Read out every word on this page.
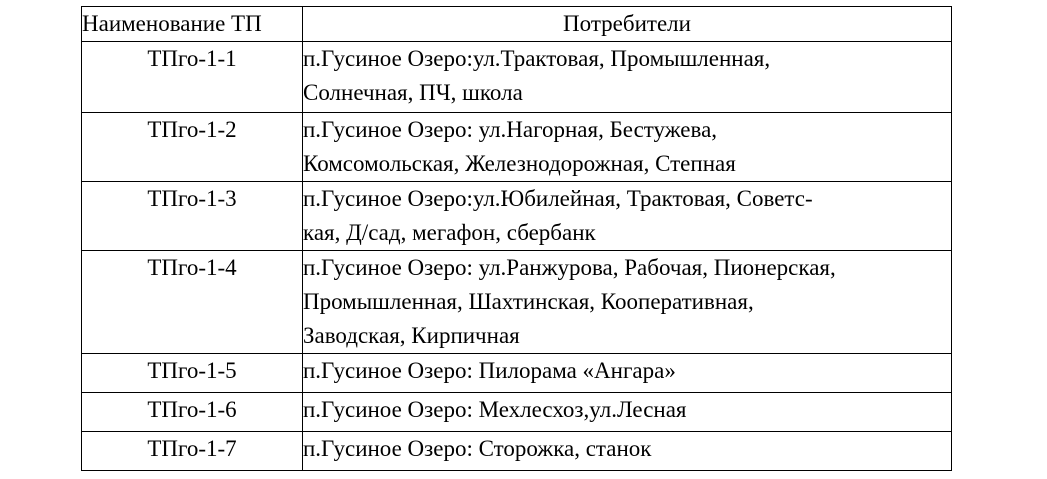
Наименование ТП	Потребители
ТПго-1-1	п.Гусиное Озеро:ул.Трактовая, Промышленная,
Солнечная, ПЧ, школа

ТПго-1-2	п.Гусиное Озеро: ул.Нагорная, Бестужева,
Комсомольская, Железнодорожная, Степная

ТПго-1-3	п.Гусиное Озеро:ул.Юбилейная, Трактовая, Советс-
кая, Д/сад, мегафон, сбербанк

ТПго-1-4	п.Гусиное Озеро: ул.Ранжурова, Рабочая, Пионерская,
Промышленная, Шахтинская, Кооперативная,
Заводская, Кирпичная

ТПго-1-5	п.Гусиное Озеро: Пилорама «Ангара»

ТПго-1-6	п.Гусиное Озеро: Мехлесхоз,ул.Лесная

ТПго-1-7	п.Гусиное Озеро: Сторожка, станок
